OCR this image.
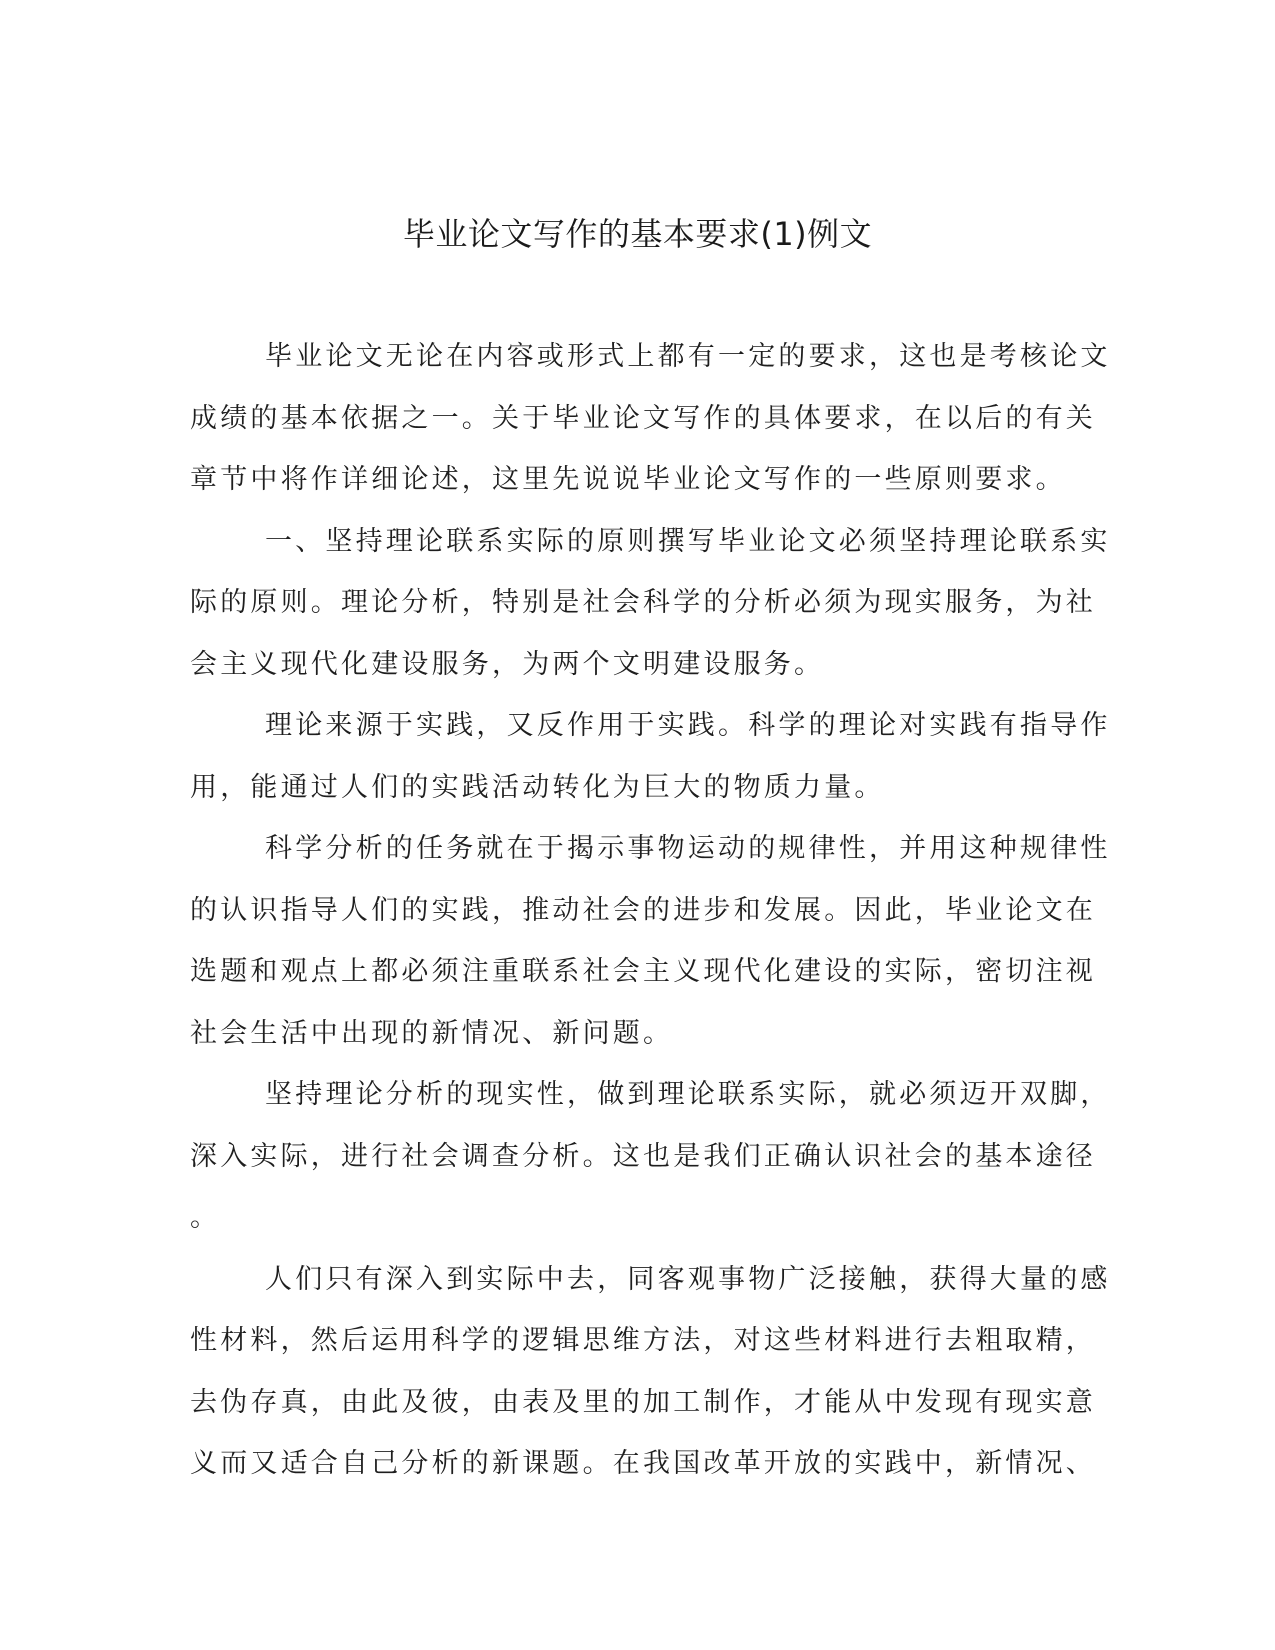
毕业论文写作的基本要求(1)例文

毕业论文无论在内容或形式上都有一定的要求，这也是考核论文
成绩的基本依据之一。关于毕业论文写作的具体要求，在以后的有关
章节中将作详细论述，这里先说说毕业论文写作的一些原则要求。

一、坚持理论联系实际的原则撰写毕业论文必须坚持理论联系实
际的原则。理论分析，特别是社会科学的分析必须为现实服务，为社
会主义现代化建设服务，为两个文明建设服务。

理论来源于实践，又反作用于实践。科学的理论对实践有指导作
用，能通过人们的实践活动转化为巨大的物质力量。

科学分析的任务就在于揭示事物运动的规律性，并用这种规律性
的认识指导人们的实践，推动社会的进步和发展。因此，毕业论文在
选题和观点上都必须注重联系社会主义现代化建设的实际，密切注视
社会生活中出现的新情况、新问题。

坚持理论分析的现实性，做到理论联系实际，就必须迈开双脚，
深入实际，进行社会调查分析。这也是我们正确认识社会的基本途径
。

人们只有深入到实际中去，同客观事物广泛接触，获得大量的感
性材料，然后运用科学的逻辑思维方法，对这些材料进行去粗取精，
去伪存真，由此及彼，由表及里的加工制作，才能从中发现有现实意
义而又适合自己分析的新课题。在我国改革开放的实践中，新情况、
